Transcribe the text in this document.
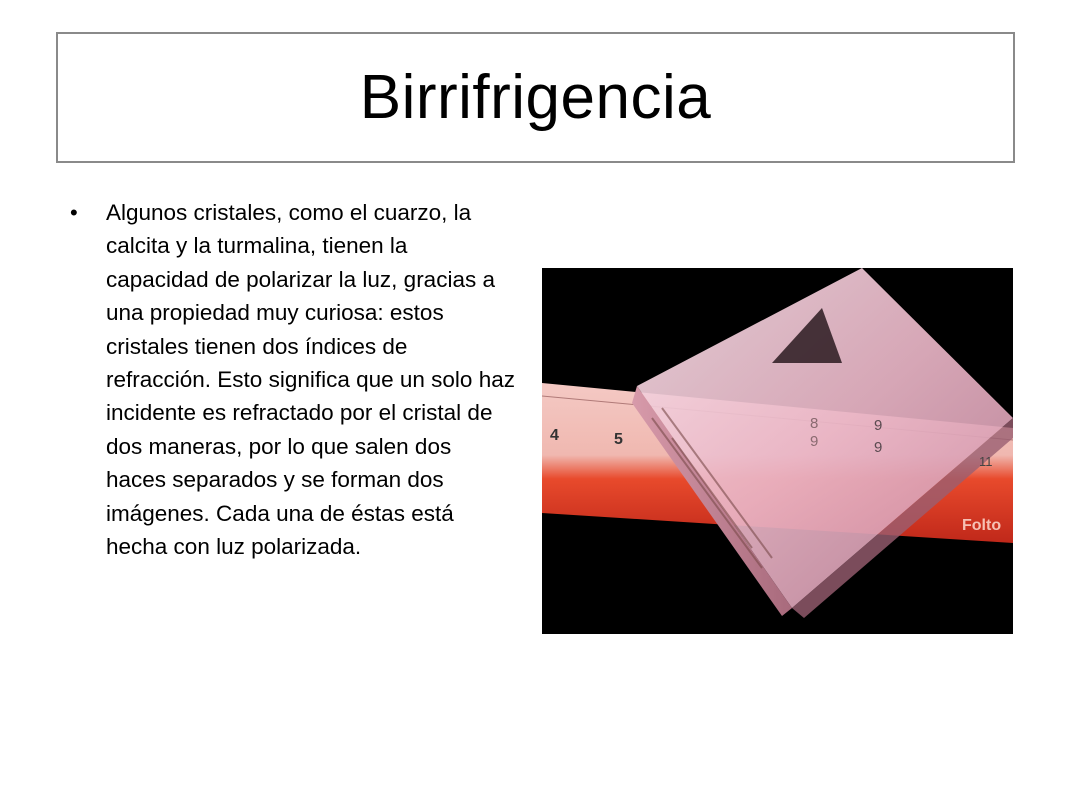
Birrifrigencia
•	Algunos cristales, como el cuarzo, la calcita y la turmalina, tienen la capacidad de polarizar la luz, gracias a una propiedad muy curiosa: estos cristales tienen dos índices de refracción. Esto significa que un solo haz incidente es refractado por el cristal de dos maneras, por lo que salen dos haces separados y se forman dos imágenes. Cada una de éstas está hecha con luz polarizada.
4	5
8	9
9	9
11
Folto
